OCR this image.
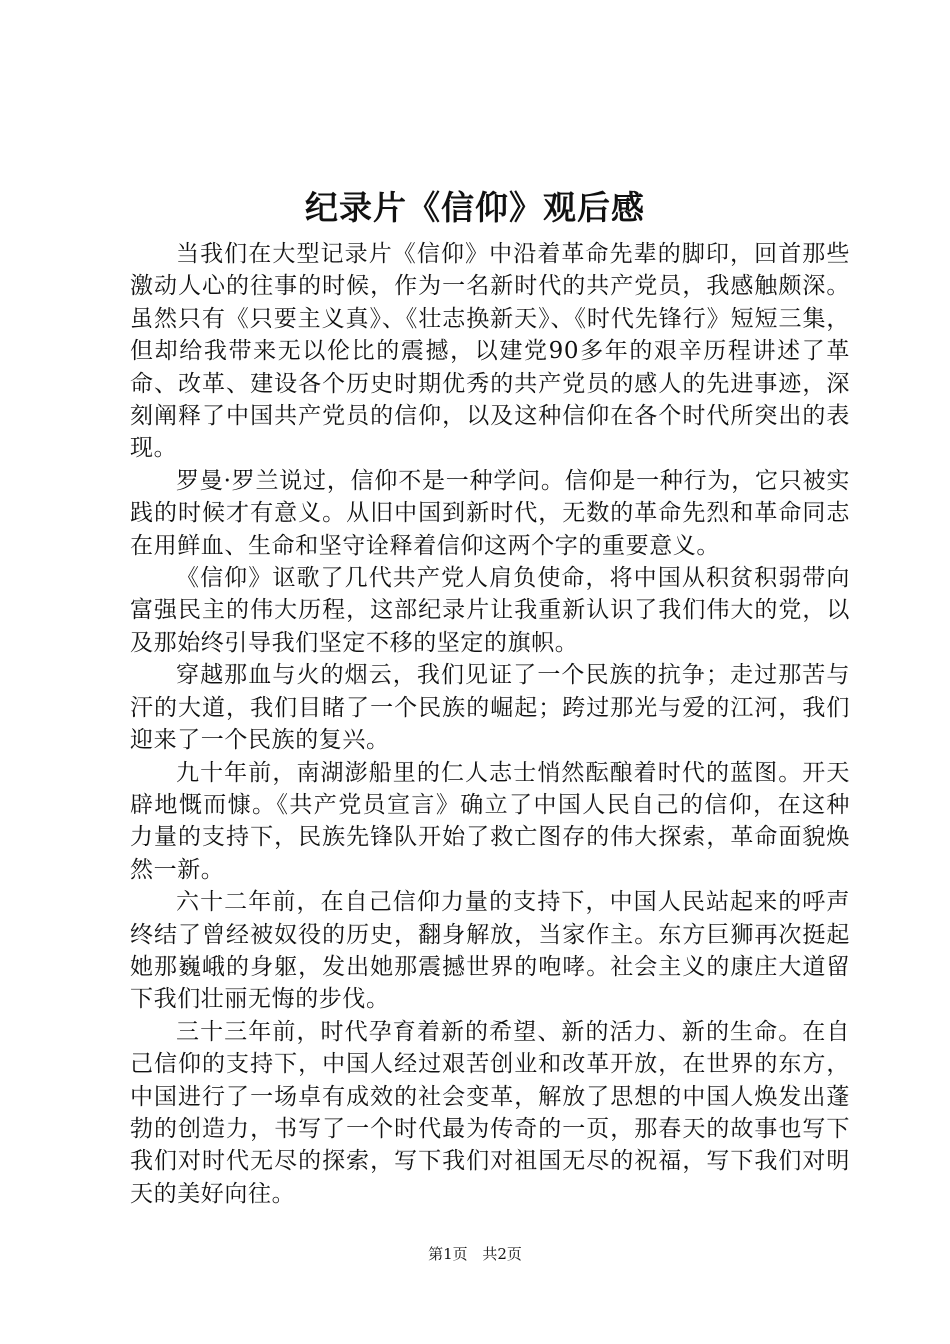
纪录片《信仰》观后感

当我们在大型记录片《信仰》中沿着革命先辈的脚印，回首那些激动人心的往事的时候，作为一名新时代的共产党员，我感触颇深。虽然只有《只要主义真》、《壮志换新天》、《时代先锋行》短短三集，但却给我带来无以伦比的震撼，以建党90多年的艰辛历程讲述了革命、改革、建设各个历史时期优秀的共产党员的感人的先进事迹，深刻阐释了中国共产党员的信仰，以及这种信仰在各个时代所突出的表现。

罗曼·罗兰说过，信仰不是一种学问。信仰是一种行为，它只被实践的时候才有意义。从旧中国到新时代，无数的革命先烈和革命同志在用鲜血、生命和坚守诠释着信仰这两个字的重要意义。

《信仰》讴歌了几代共产党人肩负使命，将中国从积贫积弱带向富强民主的伟大历程，这部纪录片让我重新认识了我们伟大的党，以及那始终引导我们坚定不移的坚定的旗帜。

穿越那血与火的烟云，我们见证了一个民族的抗争；走过那苦与汗的大道，我们目睹了一个民族的崛起；跨过那光与爱的江河，我们迎来了一个民族的复兴。

九十年前，南湖澎船里的仁人志士悄然酝酿着时代的蓝图。开天辟地慨而慷。《共产党员宣言》确立了中国人民自己的信仰，在这种力量的支持下，民族先锋队开始了救亡图存的伟大探索，革命面貌焕然一新。

六十二年前，在自己信仰力量的支持下，中国人民站起来的呼声终结了曾经被奴役的历史，翻身解放，当家作主。东方巨狮再次挺起她那巍峨的身躯，发出她那震撼世界的咆哮。社会主义的康庄大道留下我们壮丽无悔的步伐。

三十三年前，时代孕育着新的希望、新的活力、新的生命。在自己信仰的支持下，中国人经过艰苦创业和改革开放，在世界的东方，中国进行了一场卓有成效的社会变革，解放了思想的中国人焕发出蓬勃的创造力，书写了一个时代最为传奇的一页，那春天的故事也写下我们对时代无尽的探索，写下我们对祖国无尽的祝福，写下我们对明天的美好向往。

第1页 共2页
